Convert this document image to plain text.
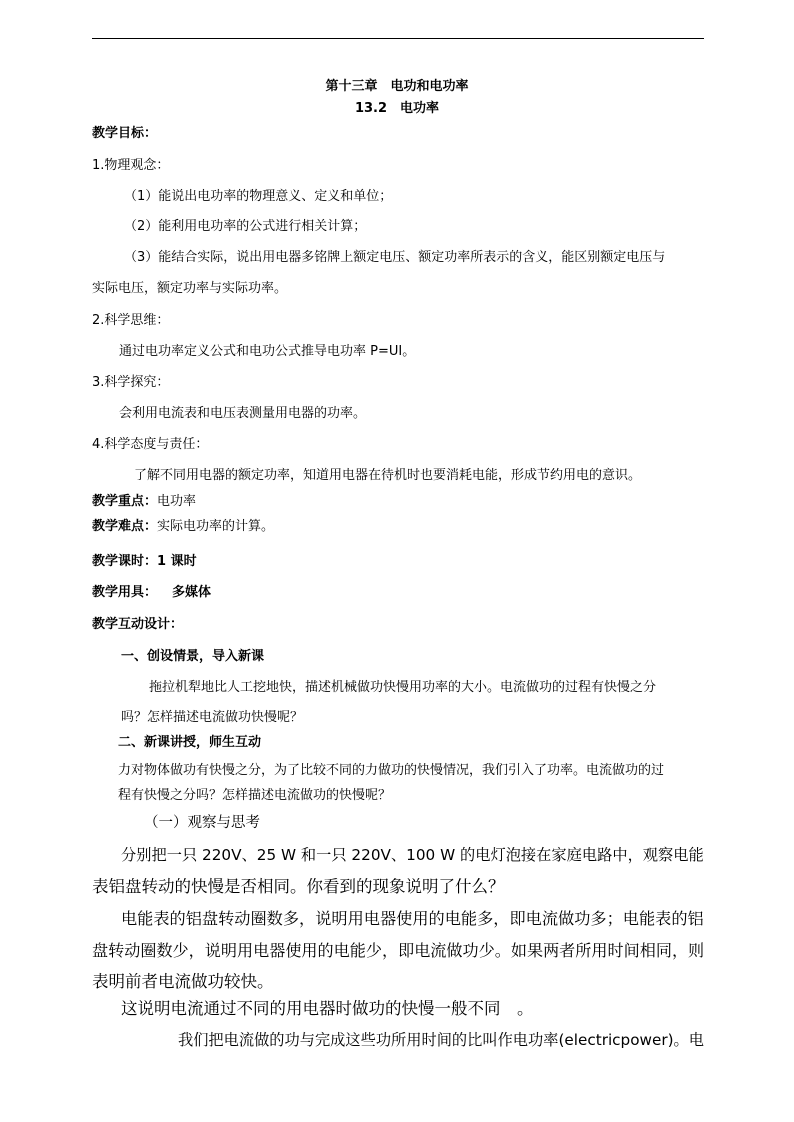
第十三章　电功和电功率
13.2　电功率
教学目标：
1.物理观念：
（1）能说出电功率的物理意义、定义和单位；
（2）能利用电功率的公式进行相关计算；
（3）能结合实际，说出用电器多铭牌上额定电压、额定功率所表示的含义，能区别额定电压与
实际电压，额定功率与实际功率。
2.科学思维：
通过电功率定义公式和电功公式推导电功率 P=UI。
3.科学探究：
会利用电流表和电压表测量用电器的功率。
4.科学态度与责任：
了解不同用电器的额定功率，知道用电器在待机时也要消耗电能，形成节约用电的意识。
教学重点：电功率
教学难点：实际电功率的计算。
教学课时：1 课时
教学用具： 多媒体
教学互动设计：
一、创设情景，导入新课
拖拉机犁地比人工挖地快，描述机械做功快慢用功率的大小。电流做功的过程有快慢之分
吗？怎样描述电流做功快慢呢？
二、新课讲授，师生互动
力对物体做功有快慢之分，为了比较不同的力做功的快慢情况，我们引入了功率。电流做功的过
程有快慢之分吗？怎样描述电流做功的快慢呢？
（一）观察与思考
分别把一只 220V、25 W 和一只 220V、100 W 的电灯泡接在家庭电路中，观察电能
表铝盘转动的快慢是否相同。你看到的现象说明了什么？
电能表的铝盘转动圈数多，说明用电器使用的电能多，即电流做功多；电能表的铝
盘转动圈数少，说明用电器使用的电能少，即电流做功少。如果两者所用时间相同，则
表明前者电流做功较快。
这说明电流通过不同的用电器时做功的快慢一般不同　。
我们把电流做的功与完成这些功所用时间的比叫作电功率(electricpower)。电
